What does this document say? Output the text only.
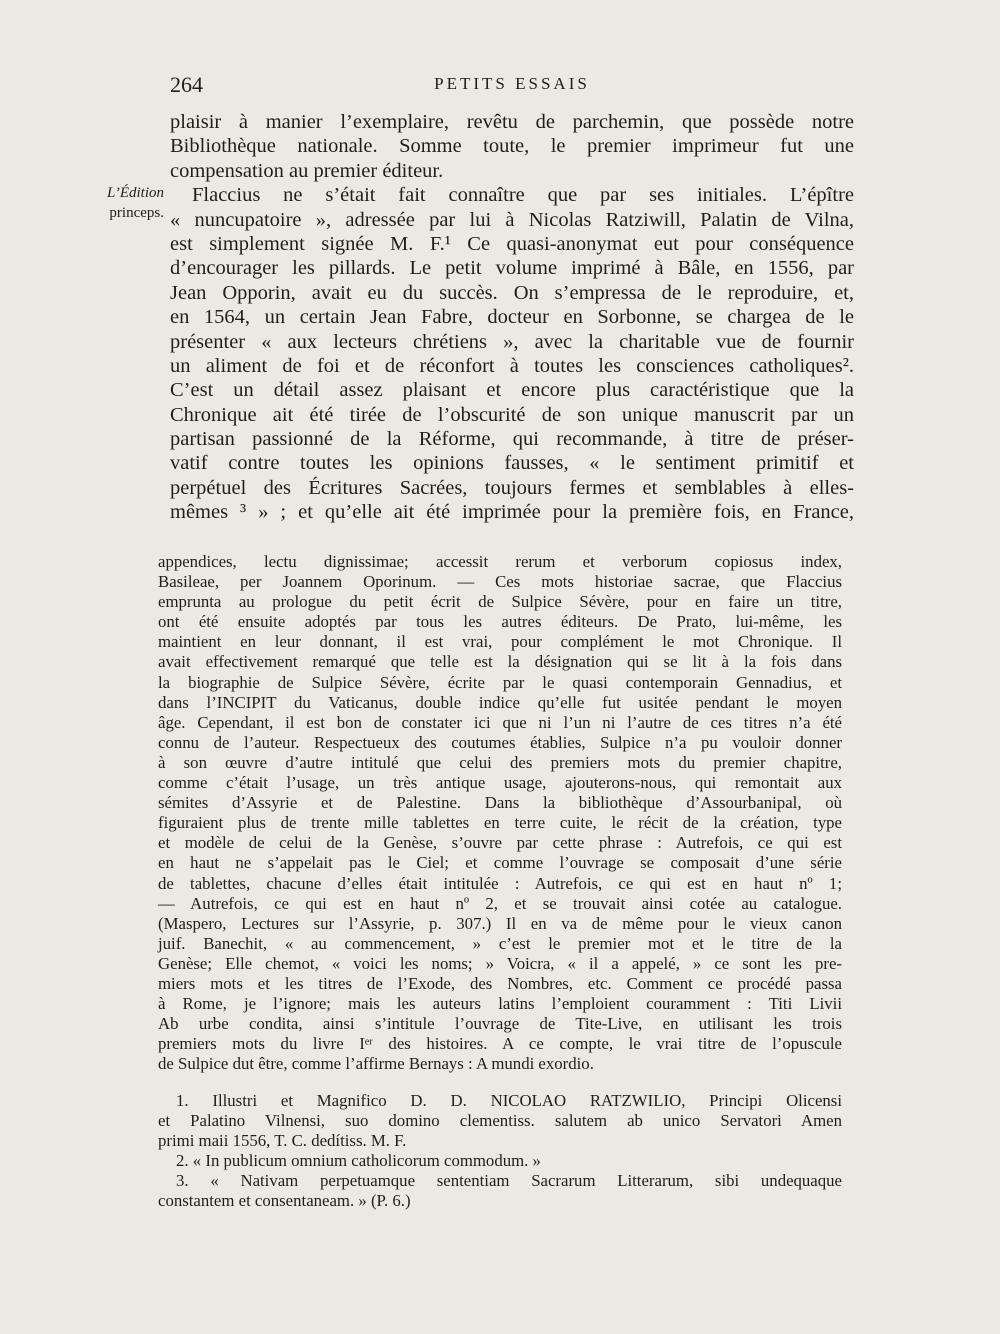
264	PETITS ESSAIS
L’Édition
princeps.
plaisir à manier l’exemplaire, revêtu de parchemin, que possède notre
Bibliothèque nationale. Somme toute, le premier imprimeur fut une
compensation au premier éditeur.
Flaccius ne s’était fait connaître que par ses initiales. L’épître
« nuncupatoire », adressée par lui à Nicolas Ratziwill, Palatin de Vilna,
est simplement signée M. F.¹ Ce quasi-anonymat eut pour conséquence
d’encourager les pillards. Le petit volume imprimé à Bâle, en 1556, par
Jean Opporin, avait eu du succès. On s’empressa de le reproduire, et,
en 1564, un certain Jean Fabre, docteur en Sorbonne, se chargea de le
présenter « aux lecteurs chrétiens », avec la charitable vue de fournir
un aliment de foi et de réconfort à toutes les consciences catholiques².
C’est un détail assez plaisant et encore plus caractéristique que la
Chronique ait été tirée de l’obscurité de son unique manuscrit par un
partisan passionné de la Réforme, qui recommande, à titre de préser-
vatif contre toutes les opinions fausses, « le sentiment primitif et
perpétuel des Écritures Sacrées, toujours fermes et semblables à elles-
mêmes ³ » ; et qu’elle ait été imprimée pour la première fois, en France,
appendices, lectu dignissimae; accessit rerum et verborum copiosus index,
Basileae, per Joannem Oporinum. — Ces mots historiae sacrae, que Flaccius
emprunta au prologue du petit écrit de Sulpice Sévère, pour en faire un titre,
ont été ensuite adoptés par tous les autres éditeurs. De Prato, lui-même, les
maintient en leur donnant, il est vrai, pour complément le mot Chronique. Il
avait effectivement remarqué que telle est la désignation qui se lit à la fois dans
la biographie de Sulpice Sévère, écrite par le quasi contemporain Gennadius, et
dans l’INCIPIT du Vaticanus, double indice qu’elle fut usitée pendant le moyen
âge. Cependant, il est bon de constater ici que ni l’un ni l’autre de ces titres n’a été
connu de l’auteur. Respectueux des coutumes établies, Sulpice n’a pu vouloir donner
à son œuvre d’autre intitulé que celui des premiers mots du premier chapitre,
comme c’était l’usage, un très antique usage, ajouterons-nous, qui remontait aux
sémites d’Assyrie et de Palestine. Dans la bibliothèque d’Assourbanipal, où
figuraient plus de trente mille tablettes en terre cuite, le récit de la création, type
et modèle de celui de la Genèse, s’ouvre par cette phrase : Autrefois, ce qui est
en haut ne s’appelait pas le Ciel; et comme l’ouvrage se composait d’une série
de tablettes, chacune d’elles était intitulée : Autrefois, ce qui est en haut nº 1;
— Autrefois, ce qui est en haut nº 2, et se trouvait ainsi cotée au catalogue.
(Maspero, Lectures sur l’Assyrie, p. 307.) Il en va de même pour le vieux canon
juif. Banechit, « au commencement, » c’est le premier mot et le titre de la
Genèse; Elle chemot, « voici les noms; » Voicra, « il a appelé, » ce sont les pre-
miers mots et les titres de l’Exode, des Nombres, etc. Comment ce procédé passa
à Rome, je l’ignore; mais les auteurs latins l’emploient couramment : Titi Livii
Ab urbe condita, ainsi s’intitule l’ouvrage de Tite-Live, en utilisant les trois
premiers mots du livre Iᵉʳ des histoires. A ce compte, le vrai titre de l’opuscule
de Sulpice dut être, comme l’affirme Bernays : A mundi exordio.
1. Illustri et Magnifico D. D. NICOLAO RATZWILIO, Principi Olicensi
et Palatino Vilnensi, suo domino clementiss. salutem ab unico Servatori Amen
primi maii 1556, T. C. dedítiss. M. F.
2. « In publicum omnium catholicorum commodum. »
3. « Nativam perpetuamque sententiam Sacrarum Litterarum, sibi undequaque
constantem et consentaneam. » (P. 6.)
